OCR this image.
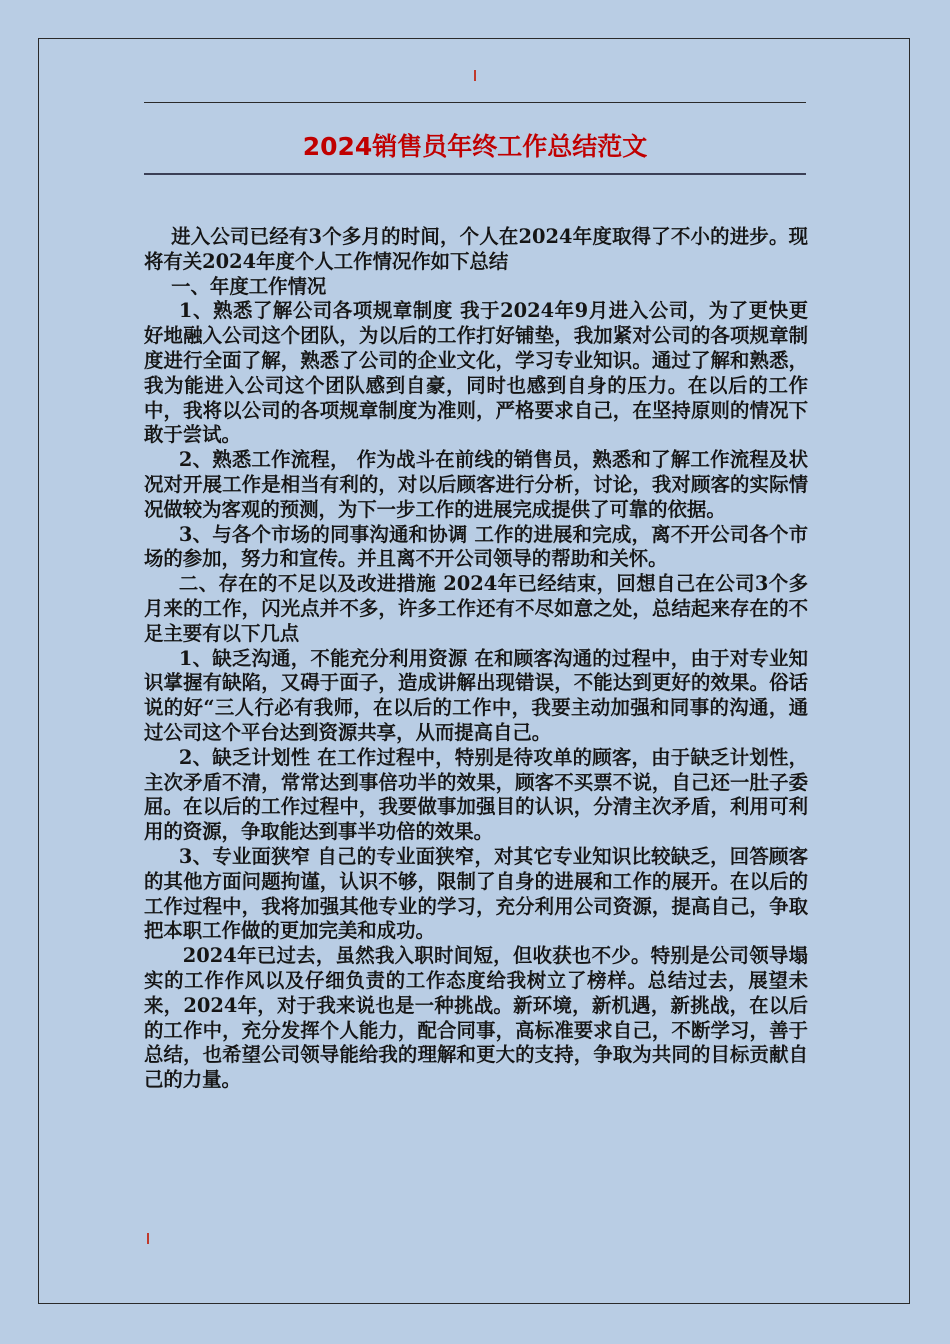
2024销售员年终工作总结范文

进入公司已经有3个多月的时间，个人在2024年度取得了不小的进步。现将有关2024年度个人工作情况作如下总结

一、年度工作情况

1、熟悉了解公司各项规章制度 我于2024年9月进入公司，为了更快更好地融入公司这个团队，为以后的工作打好铺垫，我加紧对公司的各项规章制度进行全面了解，熟悉了公司的企业文化，学习专业知识。通过了解和熟悉，我为能进入公司这个团队感到自豪，同时也感到自身的压力。在以后的工作中，我将以公司的各项规章制度为准则，严格要求自己，在坚持原则的情况下敢于尝试。

2、熟悉工作流程， 作为战斗在前线的销售员，熟悉和了解工作流程及状况对开展工作是相当有利的，对以后顾客进行分析，讨论，我对顾客的实际情况做较为客观的预测，为下一步工作的进展完成提供了可靠的依据。

3、与各个市场的同事沟通和协调 工作的进展和完成，离不开公司各个市场的参加，努力和宣传。并且离不开公司领导的帮助和关怀。

二、存在的不足以及改进措施 2024年已经结束，回想自己在公司3个多月来的工作，闪光点并不多，许多工作还有不尽如意之处，总结起来存在的不足主要有以下几点

1、缺乏沟通，不能充分利用资源 在和顾客沟通的过程中，由于对专业知识掌握有缺陷，又碍于面子，造成讲解出现错误，不能达到更好的效果。俗话说的好“三人行必有我师，在以后的工作中，我要主动加强和同事的沟通，通过公司这个平台达到资源共享，从而提高自己。

2、缺乏计划性 在工作过程中，特别是待攻单的顾客，由于缺乏计划性，主次矛盾不清，常常达到事倍功半的效果，顾客不买票不说，自己还一肚子委屈。在以后的工作过程中，我要做事加强目的认识，分清主次矛盾，利用可利用的资源，争取能达到事半功倍的效果。

3、专业面狭窄 自己的专业面狭窄，对其它专业知识比较缺乏，回答顾客的其他方面问题拘谨，认识不够，限制了自身的进展和工作的展开。在以后的工作过程中，我将加强其他专业的学习，充分利用公司资源，提高自己，争取把本职工作做的更加完美和成功。

2024年已过去，虽然我入职时间短，但收获也不少。特别是公司领导塌实的工作作风以及仔细负责的工作态度给我树立了榜样。总结过去，展望未来，2024年，对于我来说也是一种挑战。新环境，新机遇，新挑战，在以后的工作中，充分发挥个人能力，配合同事，高标准要求自己，不断学习，善于总结，也希望公司领导能给我的理解和更大的支持，争取为共同的目标贡献自己的力量。
